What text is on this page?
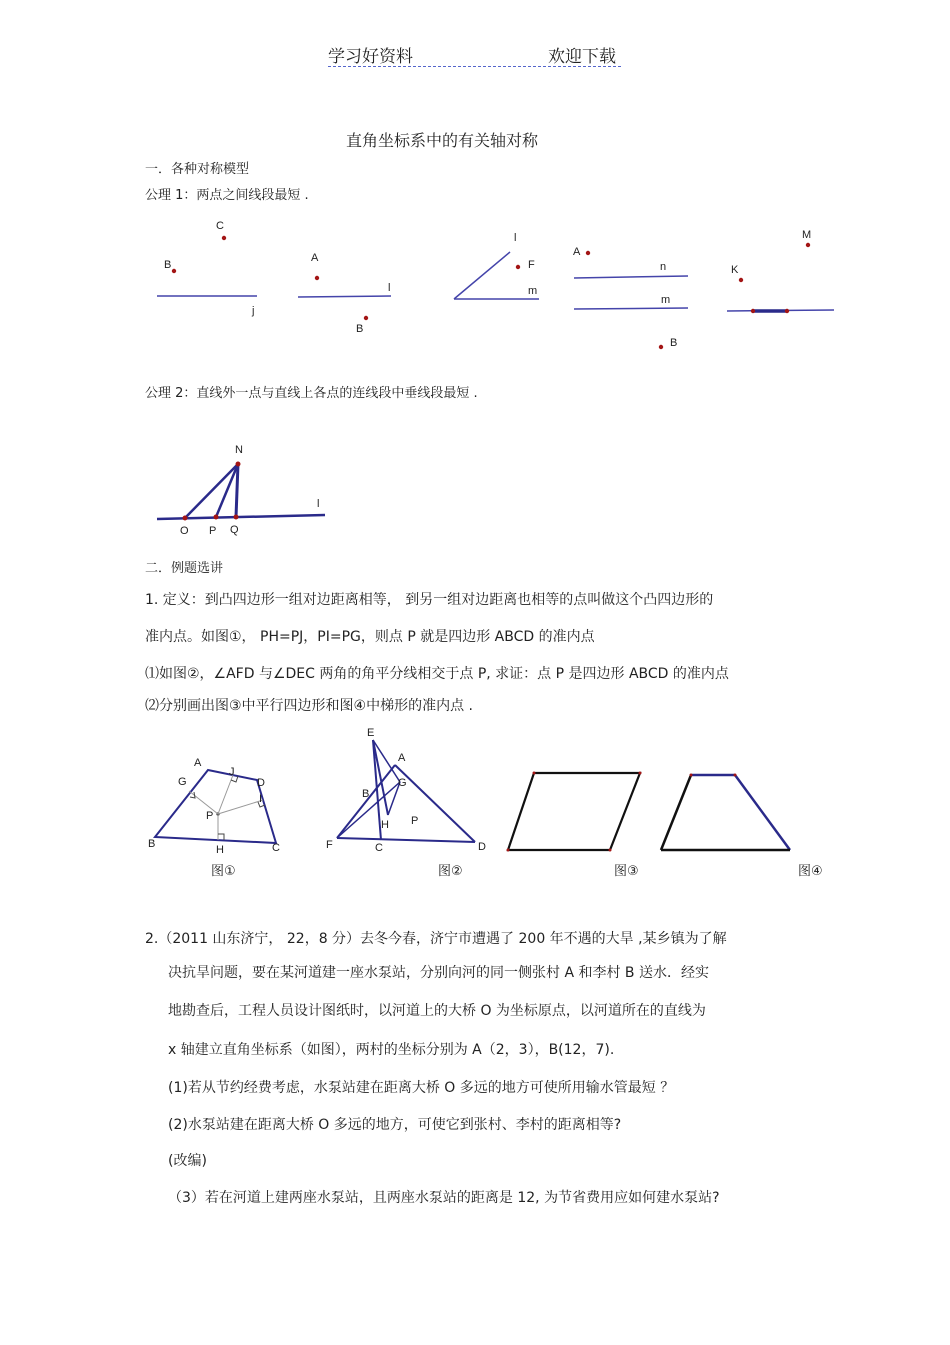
学习好资料	欢迎下载
直角坐标系中的有关轴对称
一．各种对称模型
公理 1：两点之间线段最短 .
C
B
j
A
l
B
l
F
m
A
n
m
B
M
K
公理 2：直线外一点与直线上各点的连线段中垂线段最短 .
N
l
O P Q
二．例题选讲
1. 定义：到凸四边形一组对边距离相等， 到另一组对边距离也相等的点叫做这个凸四边形的
准内点。如图①， PH=PJ，PI=PG，则点 P 就是四边形 ABCD 的准内点
⑴如图②，∠AFD 与∠DEC 两角的角平分线相交于点 P, 求证：点 P 是四边形 ABCD 的准内点
⑵分别画出图③中平行四边形和图④中梯形的准内点 .
A
J
G	D
I
P
B	H	C
图①
E
A
G
B
H P
F	C	D
图②	图③	图④
2.（2011 山东济宁， 22，8 分）去冬今春，济宁市遭遇了 200 年不遇的大旱 ,某乡镇为了解
决抗旱问题，要在某河道建一座水泵站，分别向河的同一侧张村 A 和李村 B 送水．经实
地勘查后，工程人员设计图纸时，以河道上的大桥 O 为坐标原点，以河道所在的直线为
x 轴建立直角坐标系（如图），两村的坐标分别为 A（2，3），B(12，7).
(1)若从节约经费考虑，水泵站建在距离大桥 O 多远的地方可使所用输水管最短 ？
(2)水泵站建在距离大桥 O 多远的地方，可使它到张村、李村的距离相等?
(改编)
（3）若在河道上建两座水泵站，且两座水泵站的距离是 12, 为节省费用应如何建水泵站?
